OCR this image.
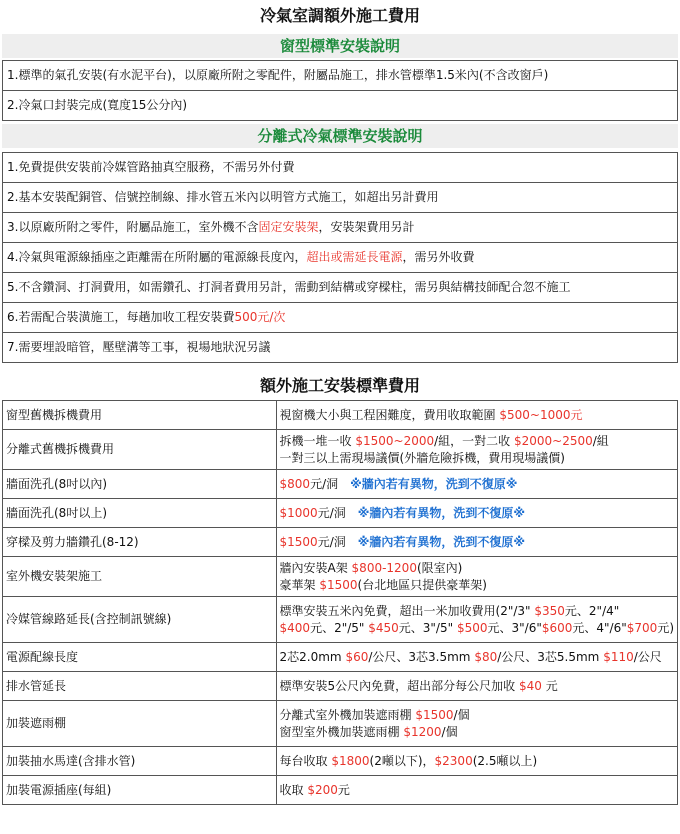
冷氣室調額外施工費用
窗型標準安裝說明
1.標準的氣孔安裝(有水泥平台)，以原廠所附之零配件，附屬品施工，排水管標準1.5米內(不含改窗戶)
2.冷氣口封裝完成(寬度15公分內)
分離式冷氣標準安裝說明
1.免費提供安裝前冷媒管路抽真空服務，不需另外付費
2.基本安裝配銅管、信號控制線、排水管五米內以明管方式施工，如超出另計費用
3.以原廠所附之零件，附屬品施工，室外機不含固定安裝架，安裝架費用另計
4.冷氣與電源線插座之距離需在所附屬的電源線長度內，超出或需延長電源，需另外收費
5.不含鑽洞、打洞費用，如需鑽孔、打洞者費用另計，需動到結構或穿樑柱，需另與結構技師配合忽不施工
6.若需配合裝潢施工，每趟加收工程安裝費500元/次
7.需要埋設暗管，壓壁溝等工事，視場地狀況另議
額外施工安裝標準費用
窗型舊機拆機費用	視窗機大小與工程困難度，費用收取範圍 $500~1000元

分離式舊機拆機費用	拆機一堆一收 $1500~2000/組，一對二收 $2000~2500/組
一對三以上需現場議價(外牆危險拆機，費用現場議價)

牆面洗孔(8吋以內)	$800元/洞　※牆內若有異物，洗到不復原※

牆面洗孔(8吋以上)	$1000元/洞　※牆內若有異物，洗到不復原※

穿樑及剪力牆鑽孔(8-12)	$1500元/洞　※牆內若有異物，洗到不復原※

室外機安裝架施工	牆內安裝A架 $800-1200(限室內)
豪華架 $1500(台北地區只提供豪華架)

冷媒管線路延長(含控制訊號線)	標準安裝五米內免費，超出一米加收費用(2"/3" $350元、2"/4"
$400元、2"/5" $450元、3"/5" $500元、3"/6"$600元、4"/6"$700元)

電源配線長度	2芯2.0mm $60/公尺、3芯3.5mm $80/公尺、3芯5.5mm $110/公尺

排水管延長	標準安裝5公尺內免費，超出部分每公尺加收 $40 元

加裝遮雨棚	分離式室外機加裝遮雨棚 $1500/個
窗型室外機加裝遮雨棚 $1200/個

加裝抽水馬達(含排水管)	每台收取 $1800(2噸以下)，$2300(2.5噸以上)

加裝電源插座(每組)	收取 $200元
